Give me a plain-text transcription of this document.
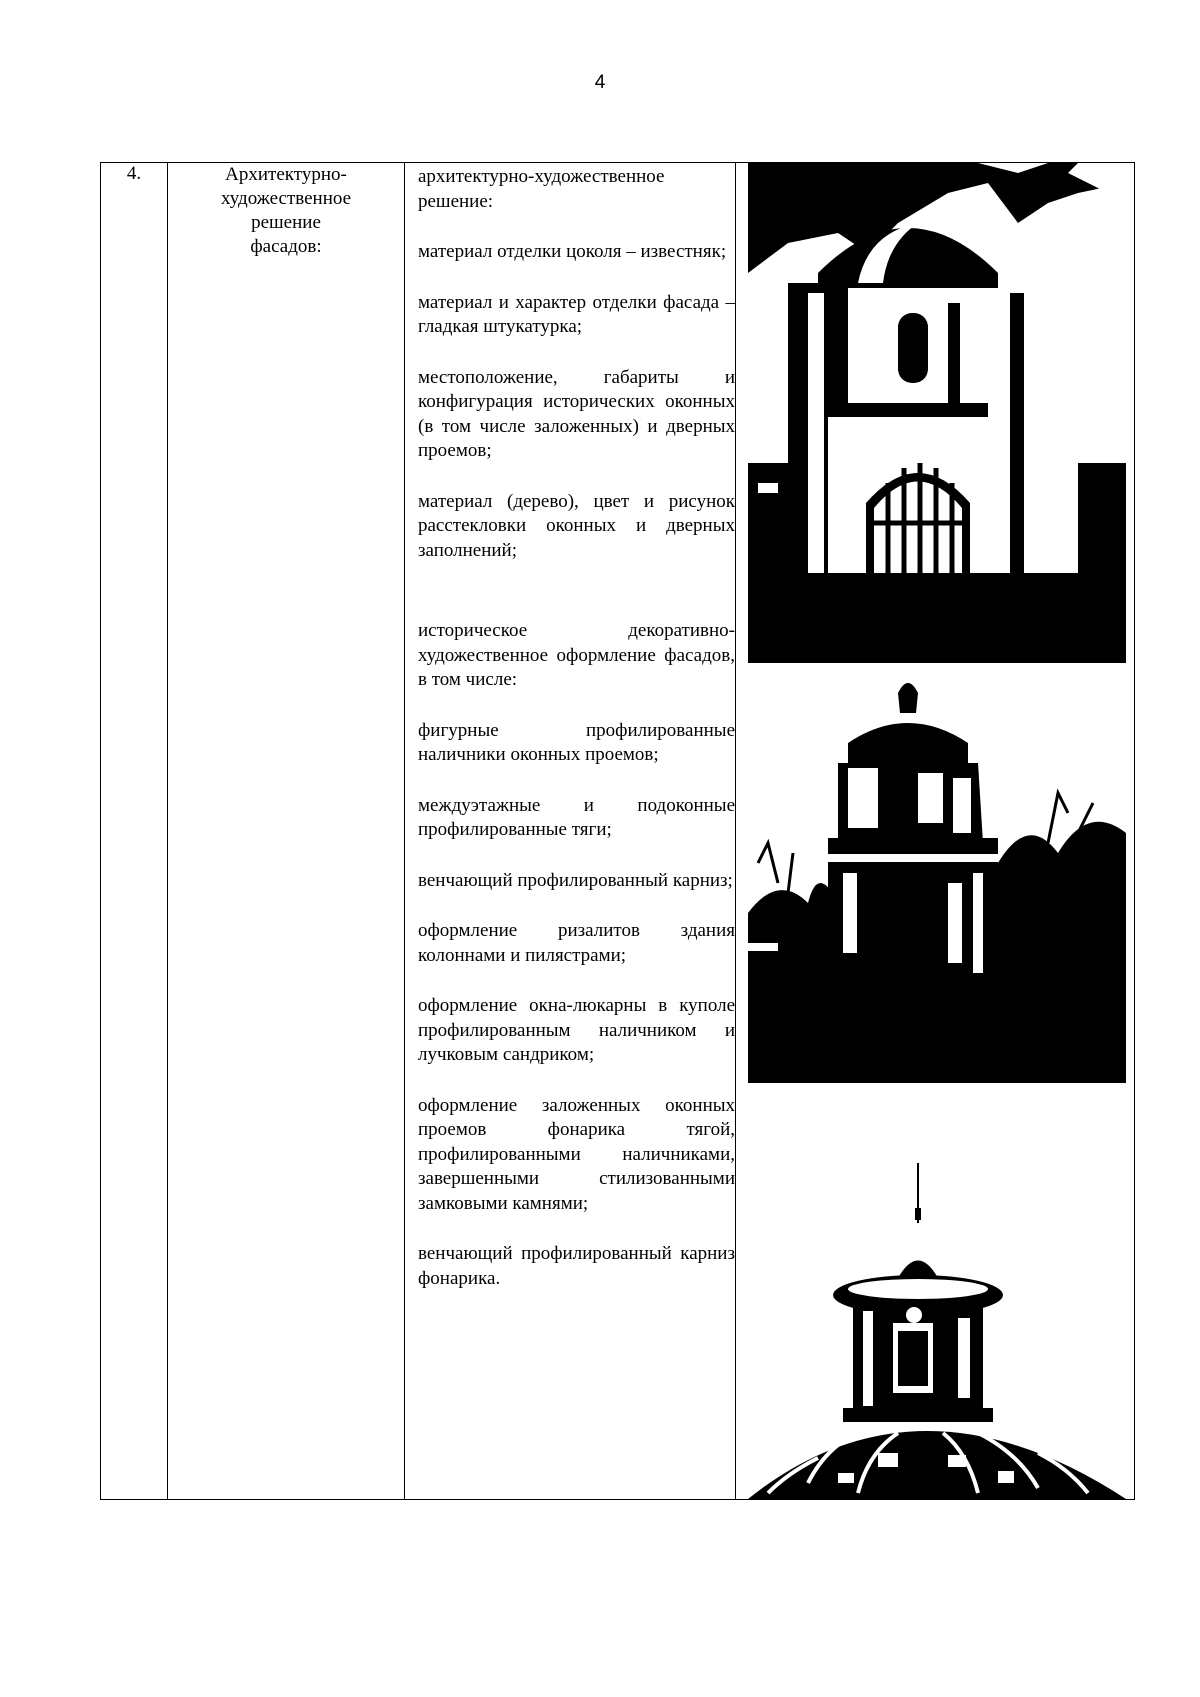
4
4.	Архитектурно-
художественное
решение
фасадов:

архитектурно-художественное решение:

материал отделки цоколя – известняк;

материал и характер отделки фасада – гладкая штукатурка;

местоположение, габариты и конфигурация исторических оконных (в том числе заложенных) и дверных проемов;

материал (дерево), цвет и рисунок расстекловки оконных и дверных заполнений;

историческое декоративно-художественное оформление фасадов, в том числе:

фигурные профилированные наличники оконных проемов;

междуэтажные и подоконные профилированные тяги;

венчающий профилированный карниз;

оформление ризалитов здания колоннами и пилястрами;

оформление окна-люкарны в куполе профилированным наличником и лучковым сандриком;

оформление заложенных оконных проемов фонарика тягой, профилированными наличниками, завершенными стилизованными замковыми камнями;

венчающий профилированный карниз фонарика.
